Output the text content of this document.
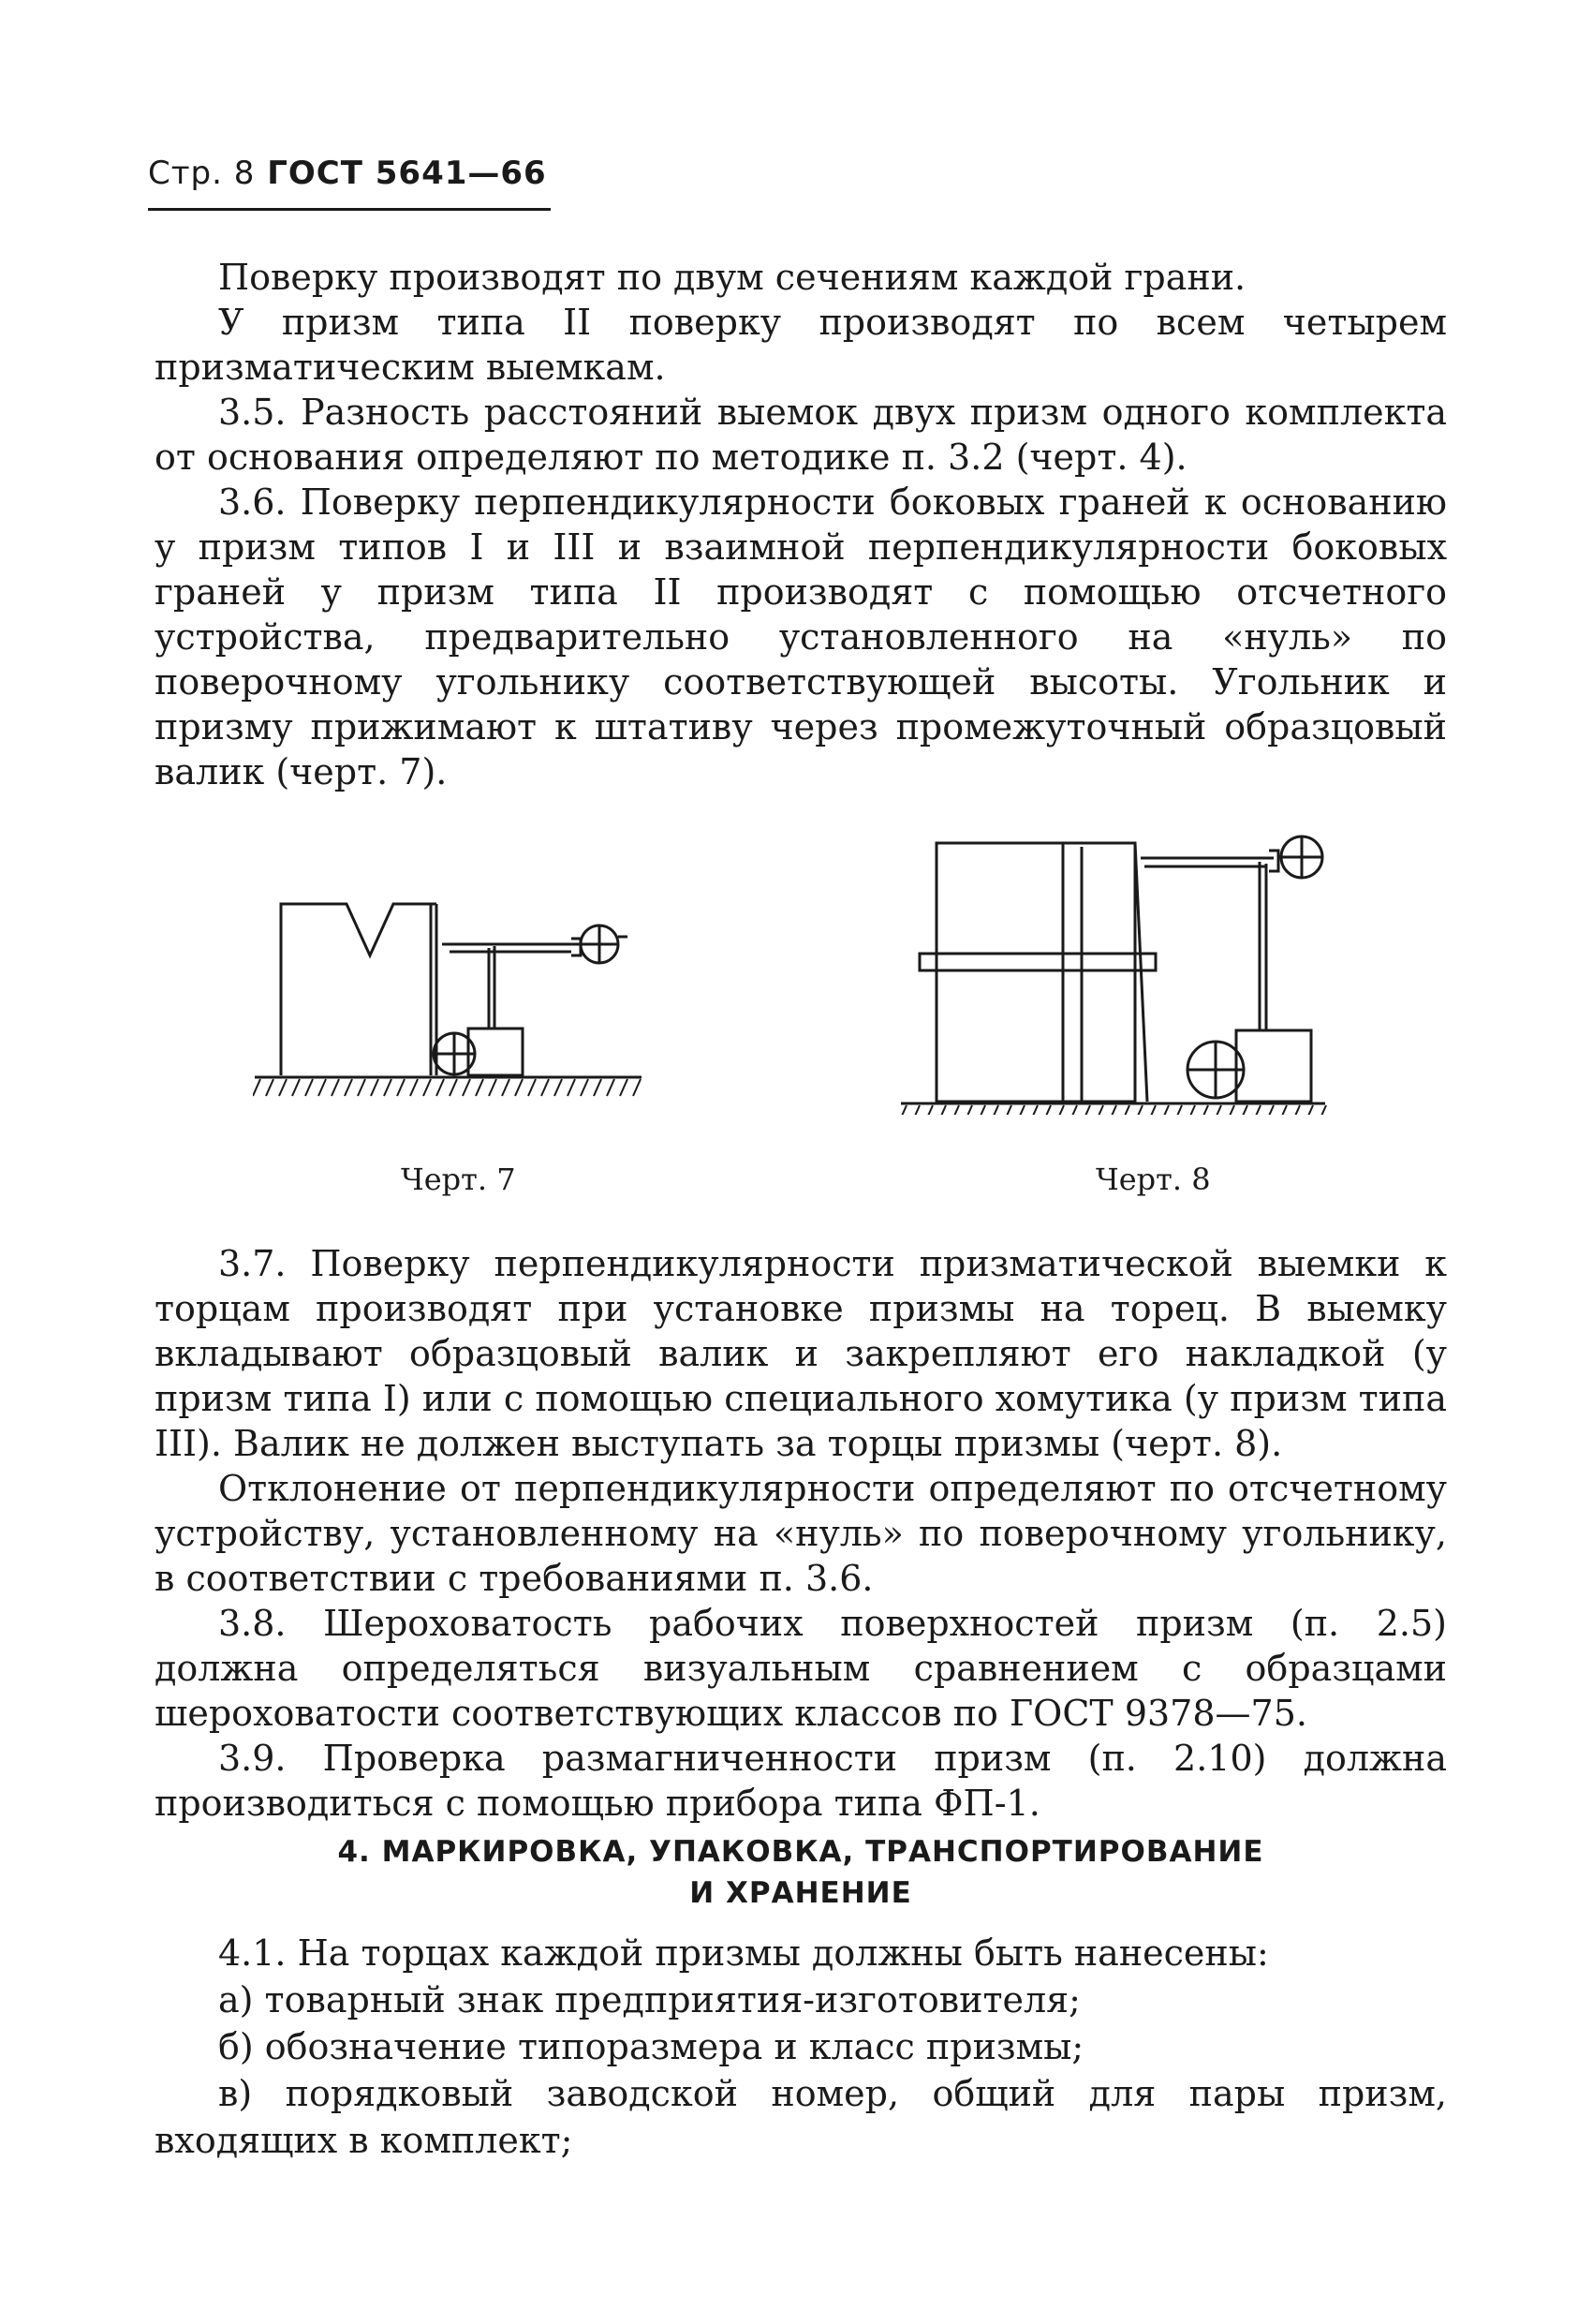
Стр. 8 ГОСТ 5641—66

Поверку производят по двум сечениям каждой грани.

У призм типа II поверку производят по всем четырем призматическим выемкам.

3.5. Разность расстояний выемок двух призм одного комплекта от основания определяют по методике п. 3.2 (черт. 4).

3.6. Поверку перпендикулярности боковых граней к основанию у призм типов I и III и взаимной перпендикулярности боковых граней у призм типа II производят с помощью отсчетного устройства, предварительно установленного на «нуль» по поверочному угольнику соответствующей высоты. Угольник и призму прижимают к штативу через промежуточный образцовый валик (черт. 7).

Черт. 7	Черт. 8

3.7. Поверку перпендикулярности призматической выемки к торцам производят при установке призмы на торец. В выемку вкладывают образцовый валик и закрепляют его накладкой (у призм типа I) или с помощью специального хомутика (у призм типа III). Валик не должен выступать за торцы призмы (черт. 8).

Отклонение от перпендикулярности определяют по отсчетному устройству, установленному на «нуль» по поверочному угольнику, в соответствии с требованиями п. 3.6.

3.8. Шероховатость рабочих поверхностей призм (п. 2.5) должна определяться визуальным сравнением с образцами шероховатости соответствующих классов по ГОСТ 9378—75.

3.9. Проверка размагниченности призм (п. 2.10) должна производиться с помощью прибора типа ФП-1.

4. МАРКИРОВКА, УПАКОВКА, ТРАНСПОРТИРОВАНИЕ
И ХРАНЕНИЕ

4.1. На торцах каждой призмы должны быть нанесены:

а) товарный знак предприятия-изготовителя;

б) обозначение типоразмера и класс призмы;

в) порядковый заводской номер, общий для пары призм, входящих в комплект;
